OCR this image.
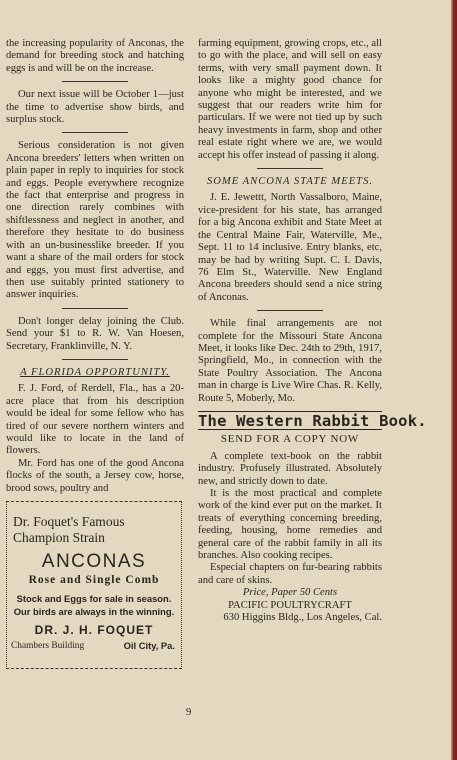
the increasing popularity of Anconas, the demand for breeding stock and hatching eggs is and will be on the increase.

Our next issue will be October 1—just the time to advertise show birds, and surplus stock.

Serious consideration is not given Ancona breeders' letters when written on plain paper in reply to inquiries for stock and eggs. People everywhere recognize the fact that enterprise and progress in one direction rarely combines with shiftlessness and neglect in another, and therefore they hesitate to do business with an un-businesslike breeder. If you want a share of the mail orders for stock and eggs, you must first advertise, and then use suitably printed stationery to answer inquiries.

Don't longer delay joining the Club. Send your $1 to R. W. Van Hoesen, Secretary, Franklinville, N. Y.

A FLORIDA OPPORTUNITY.

F. J. Ford, of Rerdell, Fla., has a 20-acre place that from his description would be ideal for some fellow who has tired of our severe northern winters and would like to locate in the land of flowers.

Mr. Ford has one of the good Ancona flocks of the south, a Jersey cow, horse, brood sows, poultry and

Dr. Foquet's Famous
Champion Strain
ANCONAS
Rose and Single Comb
Stock and Eggs for sale in season.
Our birds are always in the winning.
DR. J. H. FOQUET
Chambers Building	Oil City, Pa.

farming equipment, growing crops, etc., all to go with the place, and will sell on easy terms, with very small payment down. It looks like a mighty good chance for anyone who might be interested, and we suggest that our readers write him for particulars. If we were not tied up by such heavy investments in farm, shop and other real estate right where we are, we would accept his offer instead of passing it along.

SOME ANCONA STATE MEETS.

J. E. Jewettt, North Vassalboro, Maine, vice-president for his state, has arranged for a big Ancona exhibit and State Meet at the Central Maine Fair, Waterville, Me., Sept. 11 to 14 inclusive. Entry blanks, etc, may be had by writing Supt. C. I. Davis, 76 Elm St., Waterville. New England Ancona breeders should send a nice string of Anconas.

While final arrangements are not complete for the Missouri State Ancona Meet, it looks like Dec. 24th to 29th, 1917, Springfield, Mo., in connection with the State Poultry Association. The Ancona man in charge is Live Wire Chas. R. Kelly, Route 5, Moberly, Mo.

The Western Rabbit Book.
SEND FOR A COPY NOW

A complete text-book on the rabbit industry. Profusely illustrated. Absolutely new, and strictly down to date.

It is the most practical and complete work of the kind ever put on the market. It treats of everything concerning breeding, feeding, housing, home remedies and general care of the rabbit family in all its branches. Also cooking recipes.

Especial chapters on fur-bearing rabbits and care of skins.

Price, Paper 50 Cents

PACIFIC POULTRYCRAFT

630 Higgins Bldg., Los Angeles, Cal.

9
